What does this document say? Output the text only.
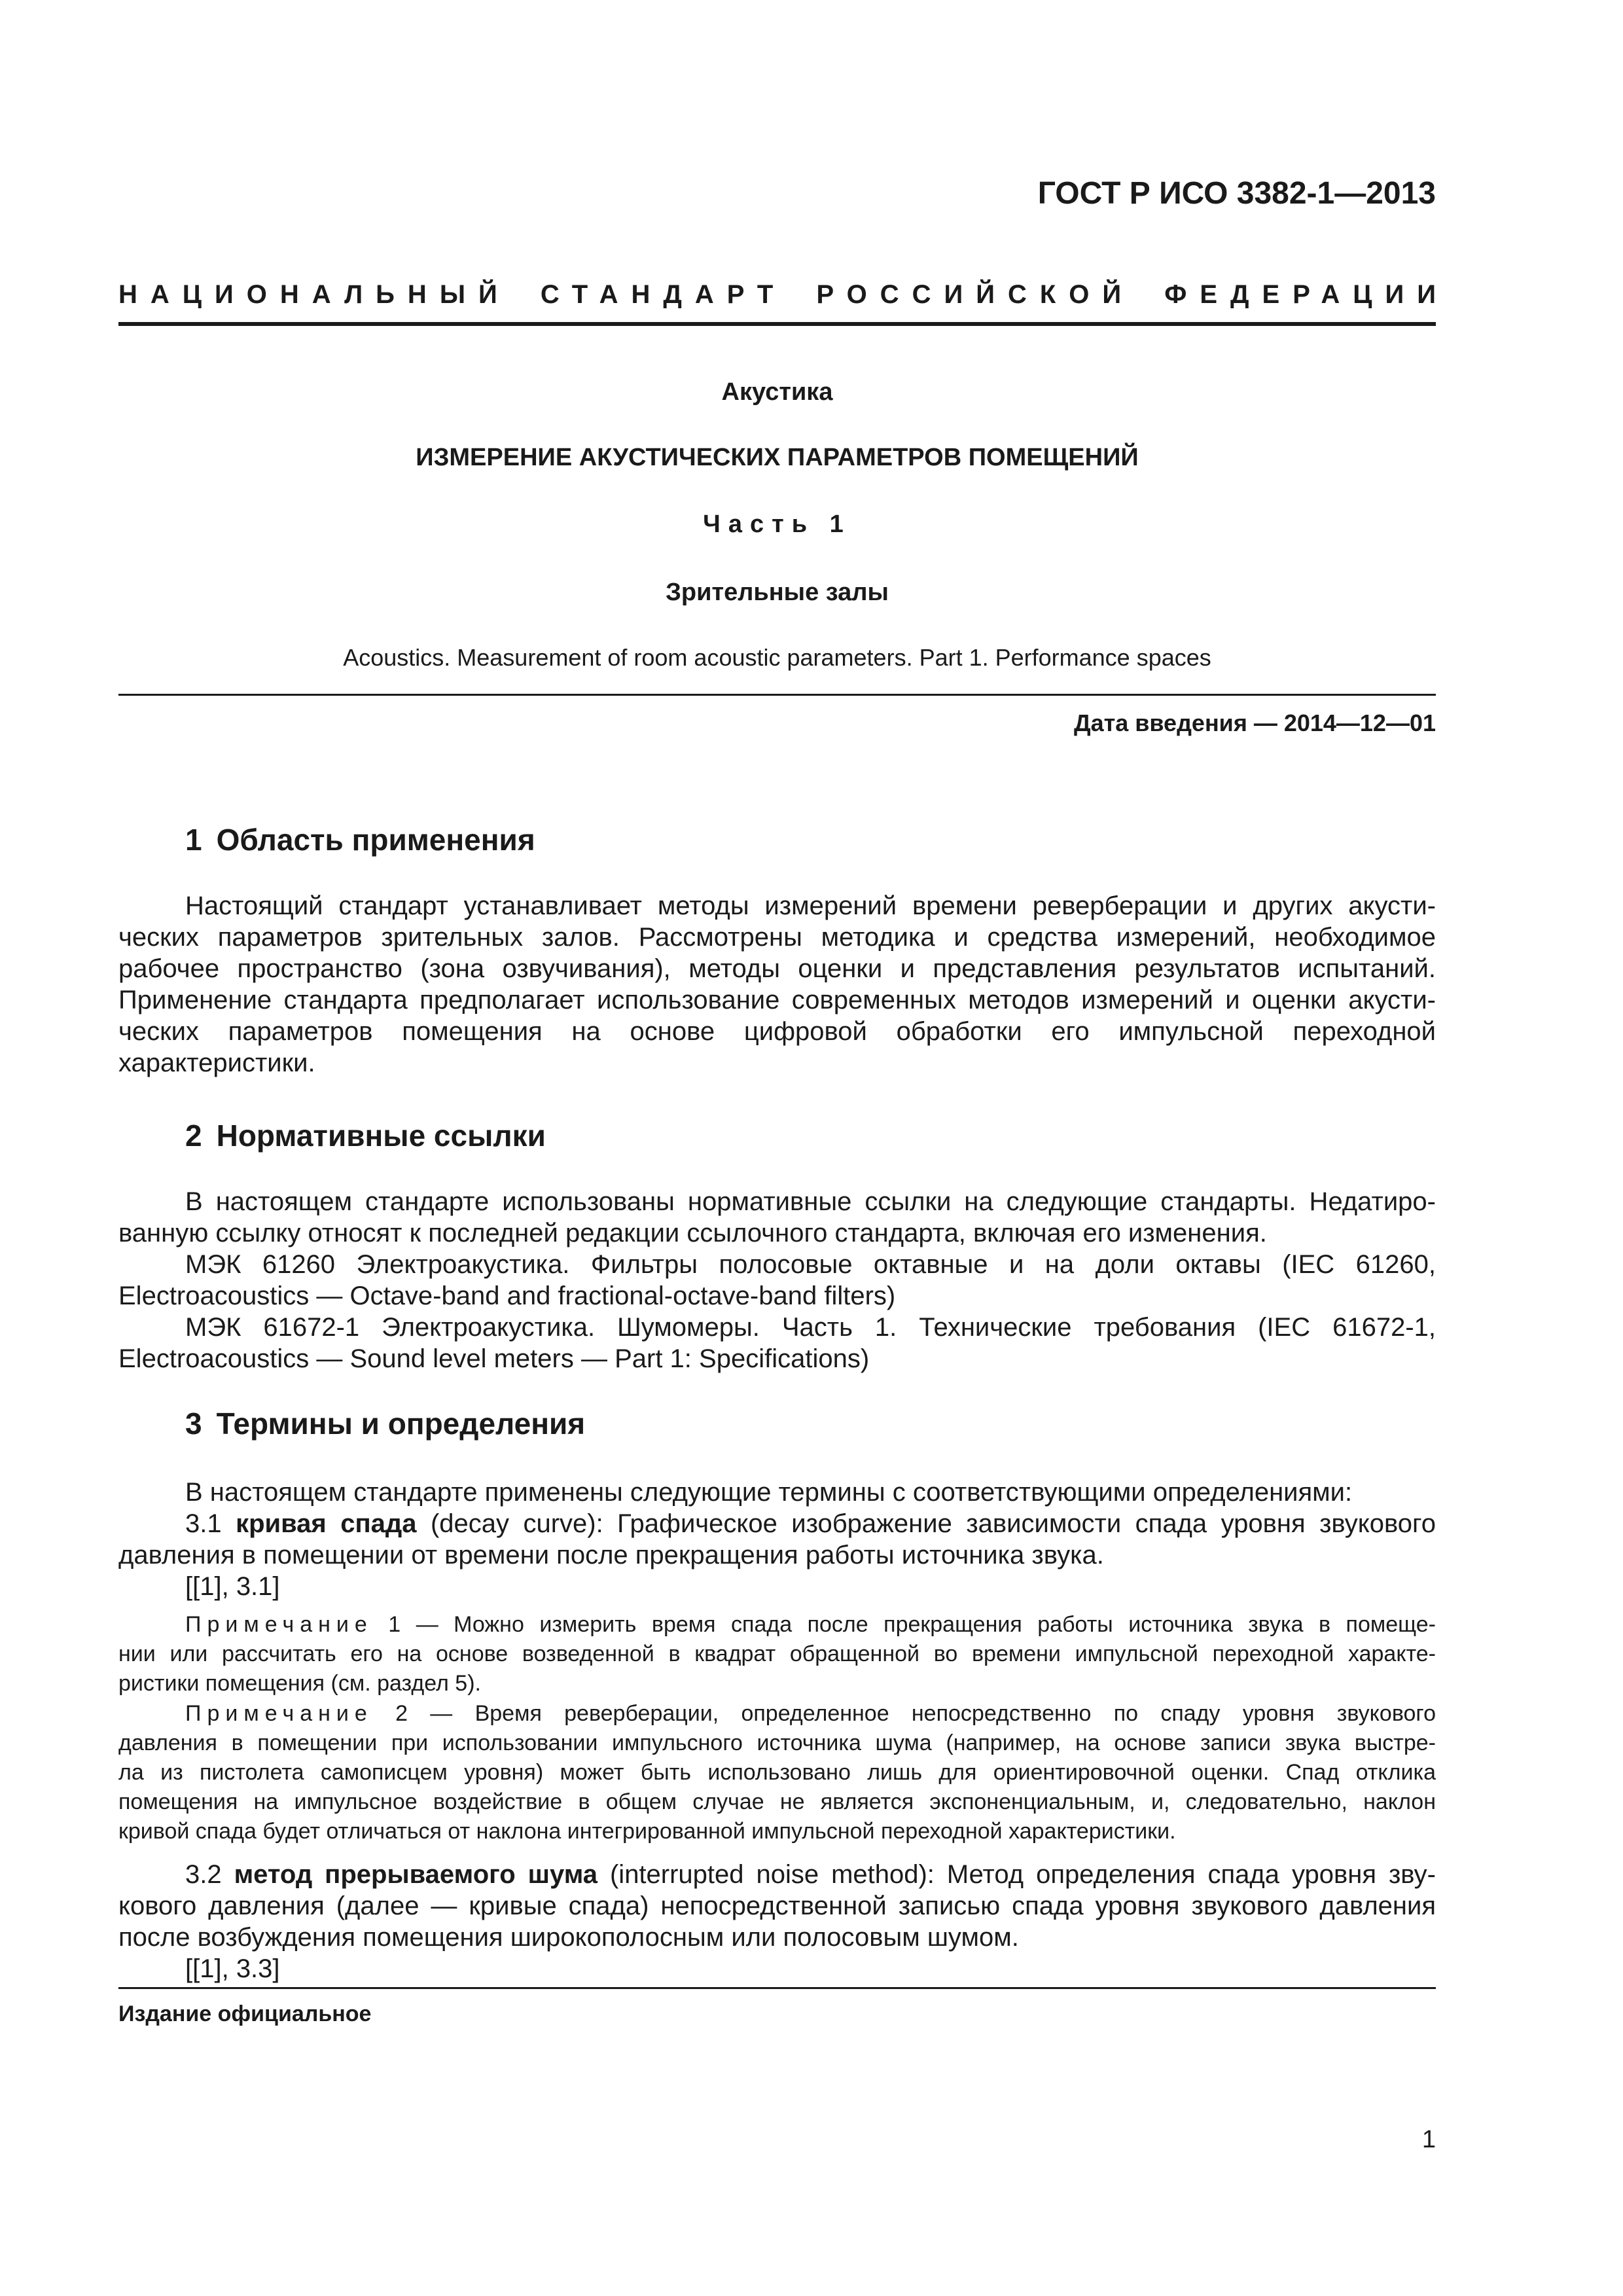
ГОСТ Р ИСО 3382-1—2013
НАЦИОНАЛЬНЫЙ СТАНДАРТ РОССИЙСКОЙ ФЕДЕРАЦИИ
Акустика
ИЗМЕРЕНИЕ АКУСТИЧЕСКИХ ПАРАМЕТРОВ ПОМЕЩЕНИЙ
Часть 1
Зрительные залы
Acoustics. Measurement of room acoustic parameters. Part 1. Performance spaces
Дата введения — 2014—12—01
1 Область применения
Настоящий стандарт устанавливает методы измерений времени реверберации и других акусти-
ческих параметров зрительных залов. Рассмотрены методика и средства измерений, необходимое
рабочее пространство (зона озвучивания), методы оценки и представления результатов испытаний.
Применение стандарта предполагает использование современных методов измерений и оценки акусти-
ческих параметров помещения на основе цифровой обработки его импульсной переходной
характеристики.
2 Нормативные ссылки
В настоящем стандарте использованы нормативные ссылки на следующие стандарты. Недатиро-
ванную ссылку относят к последней редакции ссылочного стандарта, включая его изменения.
МЭК 61260 Электроакустика. Фильтры полосовые октавные и на доли октавы (IEC 61260,
Electroacoustics — Octave-band and fractional-octave-band filters)
МЭК 61672-1 Электроакустика. Шумомеры. Часть 1. Технические требования (IEC 61672-1,
Electroacoustics — Sound level meters — Part 1: Specifications)
3 Термины и определения
В настоящем стандарте применены следующие термины с соответствующими определениями:
3.1 кривая спада (decay curve): Графическое изображение зависимости спада уровня звукового
давления в помещении от времени после прекращения работы источника звука.
[[1], 3.1]
Примечание 1 — Можно измерить время спада после прекращения работы источника звука в помеще-
нии или рассчитать его на основе возведенной в квадрат обращенной во времени импульсной переходной характе-
ристики помещения (см. раздел 5).
Примечание 2 — Время реверберации, определенное непосредственно по спаду уровня звукового
давления в помещении при использовании импульсного источника шума (например, на основе записи звука выстре-
ла из пистолета самописцем уровня) может быть использовано лишь для ориентировочной оценки. Спад отклика
помещения на импульсное воздействие в общем случае не является экспоненциальным, и, следовательно, наклон
кривой спада будет отличаться от наклона интегрированной импульсной переходной характеристики.
3.2 метод прерываемого шума (interrupted noise method): Метод определения спада уровня зву-
кового давления (далее — кривые спада) непосредственной записью спада уровня звукового давления
после возбуждения помещения широкополосным или полосовым шумом.
[[1], 3.3]
Издание официальное
1
